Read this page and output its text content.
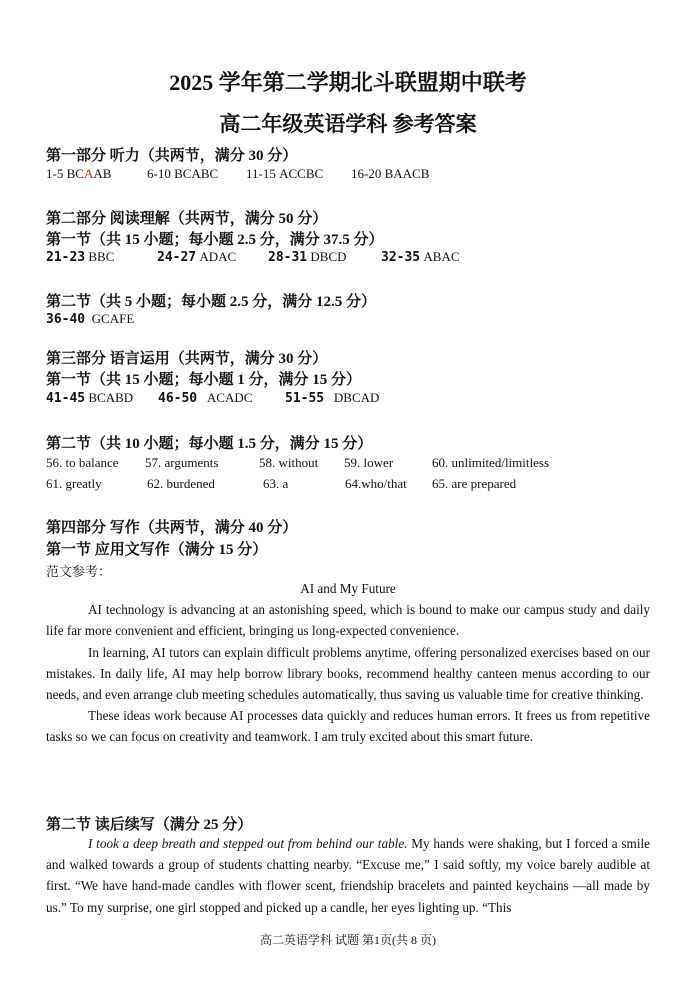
2025 学年第二学期北斗联盟期中联考
高二年级英语学科 参考答案
第一部分 听力（共两节，满分 30 分）
1-5 BCAAB	6-10 BCABC 11-15 ACCBC 16-20 BAACB
第二部分 阅读理解（共两节，满分 50 分）
第一节（共 15 小题；每小题 2.5 分，满分 37.5 分）
21-23 BBC	24-27 ADAC 28-31 DBCD	32-35 ABAC
第二节（共 5 小题；每小题 2.5 分，满分 12.5 分）
36-40 GCAFE
第三部分 语言运用（共两节，满分 30 分）
第一节（共 15 小题；每小题 1 分，满分 15 分）
41-45 BCABD 46-50 ACADC	51-55 DBCAD
第二节（共 10 小题；每小题 1.5 分，满分 15 分）
56. to balance 57. arguments	58. without 59. lower	60. unlimited/limitless
61. greatly	62. burdened	63. a	64.who/that 65. are prepared
第四部分 写作（共两节，满分 40 分）
第一节 应用文写作（满分 15 分）
范文参考：

AI and My Future

AI technology is advancing at an astonishing speed, which is bound to make our campus study and daily life far more convenient and efficient, bringing us long-expected convenience.

In learning, AI tutors can explain difficult problems anytime, offering personalized exercises based on our mistakes. In daily life, AI may help borrow library books, recommend healthy canteen menus according to our needs, and even arrange club meeting schedules automatically, thus saving us valuable time for creative thinking.

These ideas work because AI processes data quickly and reduces human errors. It frees us from repetitive tasks so we can focus on creativity and teamwork. I am truly excited about this smart future.

第二节 读后续写（满分 25 分）

I took a deep breath and stepped out from behind our table. My hands were shaking, but I forced a smile and walked towards a group of students chatting nearby. “Excuse me,” I said softly, my voice barely audible at first. “We have hand-made candles with flower scent, friendship bracelets and painted keychains —all made by us.” To my surprise, one girl stopped and picked up a candle, her eyes lighting up. “This

高二英语学科 试题 第1页(共 8 页)
